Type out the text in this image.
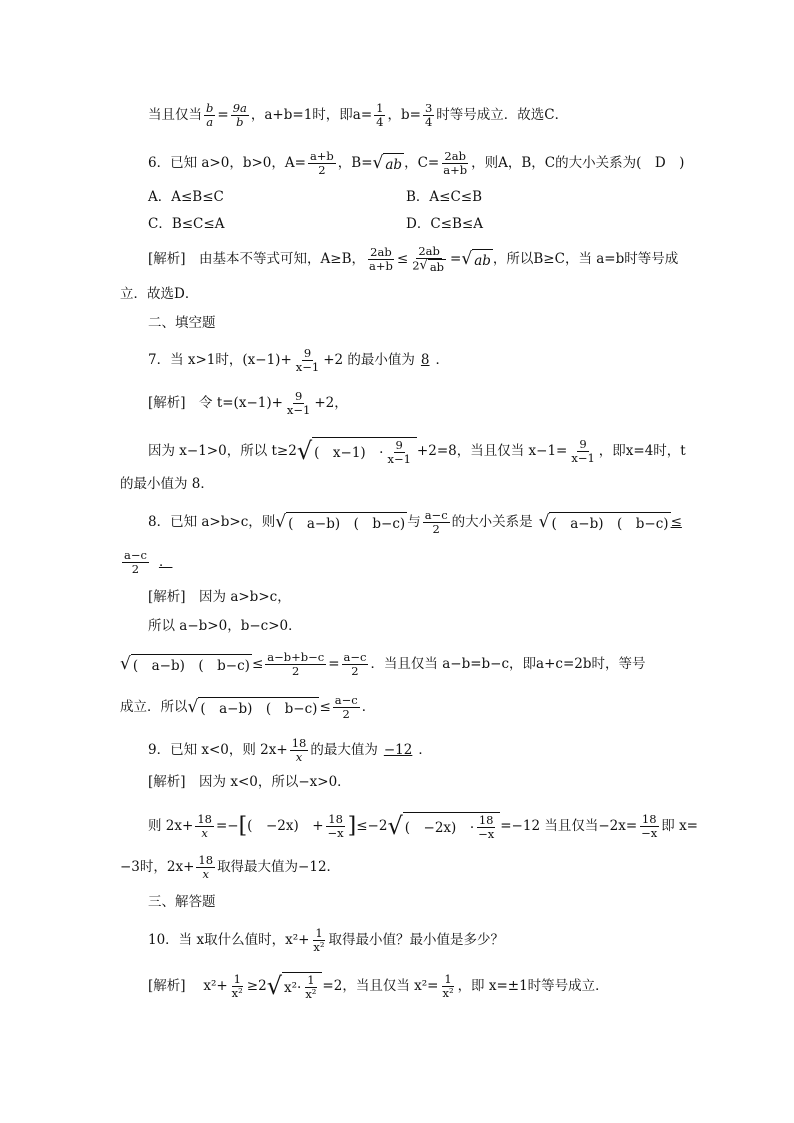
当且仅当 $\frac{b}{a} = \frac{9a}{b}$ ，a+b=1时，即$a= \frac{1}{4}$ ，$b= \frac{3}{4}$ 时等号成立．故选C．
6．已知 a>0，b>0，$A= \frac{a+b}{2}$ ，B= √ ab ，$C= \frac{2ab}{a+b}$ ，则A，B，C的大小关系为(　D　)
A．A≤B≤C	B．A≤C≤B
C．B≤C≤A	D．C≤B≤A
[解析]　由基本不等式可知，A≥B， $\frac{2ab}{a+b} \le \frac{2ab}{2 √ ab}$ = √ ab ，所以B≥C，当 a=b时等号成
立．故选D．
二、填空题
7．当 x>1时，$(x-1)+ \frac{9}{x-1} +2$ 的最小值为 8 ．
[解析]　令 $t=(x-1)+ \frac{9}{x-1} +2$，
因为 x−1>0，所以 t≥2 √ (　x−1)　· $\frac{9}{x-1} +2=8$，当且仅当 $x-1= \frac{9}{x-1}$ ，即x=4时，t
的最小值为 8．
8．已知 a>b>c，则 √ (　a−b)　(　b−c) 与 $\frac{a-c}{2}$ 的大小关系是 √ (　a−b)　(　b−c) ≤
$\frac{a-c}{2}$ ．
[解析]　因为 a>b>c，
所以 a−b>0，b−c>0．
√ (　a−b)　(　$b-c) \le \frac{a-b+b-c}{2} = \frac{a-c}{2}$ ．当且仅当 a−b=b−c，即a+c=2b时，等号
成立．所以 √ (　a−b)　(　$b-c) \le \frac{a-c}{2}$ ．
9．已知 x<0，则 $2x+ \frac{18}{x}$ 的最大值为 −12 ．
[解析]　因为 x<0，所以−x>0．
则 $2x+ \frac{18}{x}$ =−[(　−2x)　+ $\frac{18}{-x} ]\le-2$ √ (　−2x)　· $\frac{18}{-x} =-12$ 当且仅当$-2x= \frac{18}{-x}$ 即 x=
−3时，$2x+ \frac{18}{x}$ 取得最大值为−12．
三、解答题
10．当 x取什么值时，$x^2+ \frac{1}{\text{x²}}$ 取得最小值？最小值是多少？
[解析]　 $x^2+ \frac{1}{\text{x²}} \ge 2$ √ $x^2\cdot \frac{1}{\text{x²}} =2$，当且仅当 $x^2= \frac{1}{\text{x²}}$ ，即 x=±1时等号成立．
